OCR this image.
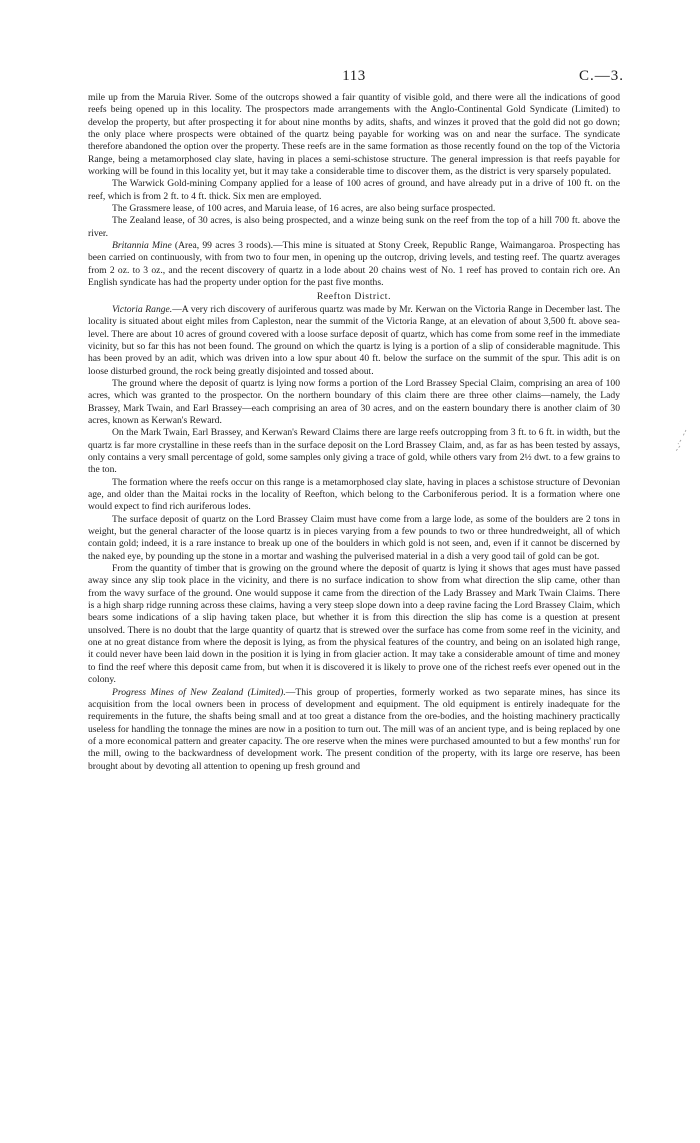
113	C.—3.

mile up from the Maruia River. Some of the outcrops showed a fair quantity of visible gold, and there were all the indications of good reefs being opened up in this locality. The prospectors made arrangements with the Anglo-Continental Gold Syndicate (Limited) to develop the property, but after prospecting it for about nine months by adits, shafts, and winzes it proved that the gold did not go down; the only place where prospects were obtained of the quartz being payable for working was on and near the surface. The syndicate therefore abandoned the option over the property. These reefs are in the same formation as those recently found on the top of the Victoria Range, being a metamorphosed clay slate, having in places a semi-schistose structure. The general impression is that reefs payable for working will be found in this locality yet, but it may take a considerable time to discover them, as the district is very sparsely populated.

The Warwick Gold-mining Company applied for a lease of 100 acres of ground, and have already put in a drive of 100 ft. on the reef, which is from 2 ft. to 4 ft. thick. Six men are employed.

The Grassmere lease, of 100 acres, and Maruia lease, of 16 acres, are also being surface prospected.

The Zealand lease, of 30 acres, is also being prospected, and a winze being sunk on the reef from the top of a hill 700 ft. above the river.

Britannia Mine (Area, 99 acres 3 roods).—This mine is situated at Stony Creek, Republic Range, Waimangaroa. Prospecting has been carried on continuously, with from two to four men, in opening up the outcrop, driving levels, and testing reef. The quartz averages from 2 oz. to 3 oz., and the recent discovery of quartz in a lode about 20 chains west of No. 1 reef has proved to contain rich ore. An English syndicate has had the property under option for the past five months.

Reefton District.

Victoria Range.—A very rich discovery of auriferous quartz was made by Mr. Kerwan on the Victoria Range in December last. The locality is situated about eight miles from Capleston, near the summit of the Victoria Range, at an elevation of about 3,500 ft. above sea-level. There are about 10 acres of ground covered with a loose surface deposit of quartz, which has come from some reef in the immediate vicinity, but so far this has not been found. The ground on which the quartz is lying is a portion of a slip of considerable magnitude. This has been proved by an adit, which was driven into a low spur about 40 ft. below the surface on the summit of the spur. This adit is on loose disturbed ground, the rock being greatly disjointed and tossed about.

The ground where the deposit of quartz is lying now forms a portion of the Lord Brassey Special Claim, comprising an area of 100 acres, which was granted to the prospector. On the northern boundary of this claim there are three other claims—namely, the Lady Brassey, Mark Twain, and Earl Brassey—each comprising an area of 30 acres, and on the eastern boundary there is another claim of 30 acres, known as Kerwan's Reward.

On the Mark Twain, Earl Brassey, and Kerwan's Reward Claims there are large reefs outcropping from 3 ft. to 6 ft. in width, but the quartz is far more crystalline in these reefs than in the surface deposit on the Lord Brassey Claim, and, as far as has been tested by assays, only contains a very small percentage of gold, some samples only giving a trace of gold, while others vary from 2½ dwt. to a few grains to the ton.

The formation where the reefs occur on this range is a metamorphosed clay slate, having in places a schistose structure of Devonian age, and older than the Maitai rocks in the locality of Reefton, which belong to the Carboniferous period. It is a formation where one would expect to find rich auriferous lodes.

The surface deposit of quartz on the Lord Brassey Claim must have come from a large lode, as some of the boulders are 2 tons in weight, but the general character of the loose quartz is in pieces varying from a few pounds to two or three hundredweight, all of which contain gold; indeed, it is a rare instance to break up one of the boulders in which gold is not seen, and, even if it cannot be discerned by the naked eye, by pounding up the stone in a mortar and washing the pulverised material in a dish a very good tail of gold can be got.

From the quantity of timber that is growing on the ground where the deposit of quartz is lying it shows that ages must have passed away since any slip took place in the vicinity, and there is no surface indication to show from what direction the slip came, other than from the wavy surface of the ground. One would suppose it came from the direction of the Lady Brassey and Mark Twain Claims. There is a high sharp ridge running across these claims, having a very steep slope down into a deep ravine facing the Lord Brassey Claim, which bears some indications of a slip having taken place, but whether it is from this direction the slip has come is a question at present unsolved. There is no doubt that the large quantity of quartz that is strewed over the surface has come from some reef in the vicinity, and one at no great distance from where the deposit is lying, as from the physical features of the country, and being on an isolated high range, it could never have been laid down in the position it is lying in from glacier action. It may take a considerable amount of time and money to find the reef where this deposit came from, but when it is discovered it is likely to prove one of the richest reefs ever opened out in the colony.

Progress Mines of New Zealand (Limited).—This group of properties, formerly worked as two separate mines, has since its acquisition from the local owners been in process of development and equipment. The old equipment is entirely inadequate for the requirements in the future, the shafts being small and at too great a distance from the ore-bodies, and the hoisting machinery practically useless for handling the tonnage the mines are now in a position to turn out. The mill was of an ancient type, and is being replaced by one of a more economical pattern and greater capacity. The ore reserve when the mines were purchased amounted to but a few months' run for the mill, owing to the backwardness of development work. The present condition of the property, with its large ore reserve, has been brought about by devoting all attention to opening up fresh ground and
